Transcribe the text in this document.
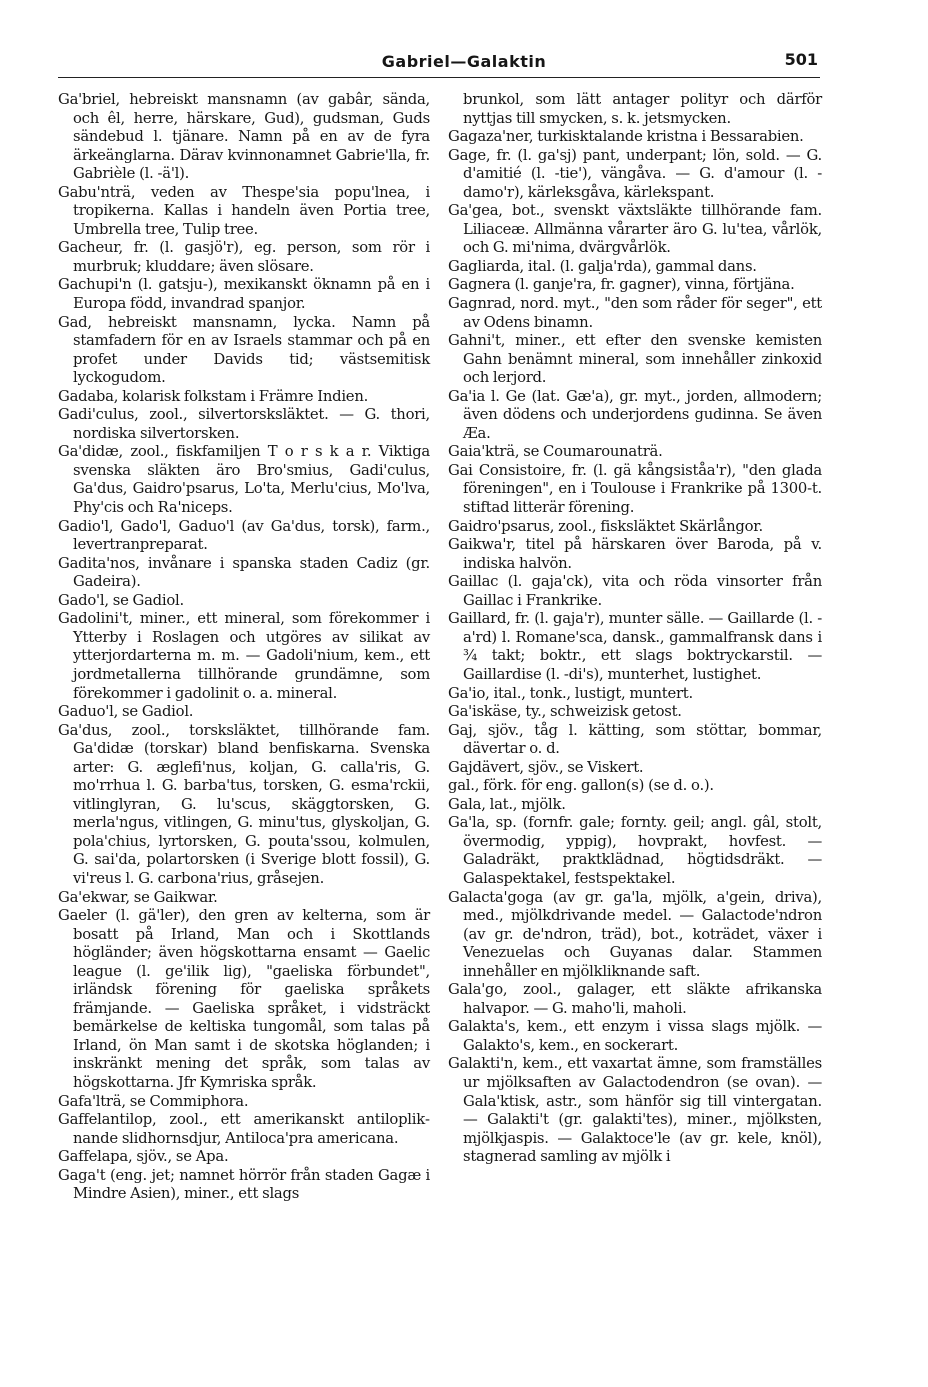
Gabriel—Galaktin	501
Ga'briel, hebreiskt mansnamn (av gabâr, sända, och êl, herre, härskare, Gud), gudsman, Guds sändebud l. tjänare. Namn på en av de fyra ärkeänglarna. Därav kvinnonamnet Gabrie'lla, fr. Gabrièle (l. -ä'l).
Gabu'nträ, veden av Thespe'sia popu'lnea, i tropikerna. Kallas i handeln även Portia tree, Umbrella tree, Tulip tree.
Gacheur, fr. (l. gasjö'r), eg. person, som rör i murbruk; kluddare; även slösare.
Gachupi'n (l. gatsju-), mexikanskt öknamn på en i Europa född, invandrad spanjor.
Gad, hebreiskt mansnamn, lycka. Namn på stamfadern för en av Israels stammar och på en profet under Davids tid; västsemitisk lyckogudom.
Gadaba, kolarisk folkstam i Främre Indien.
Gadi'culus, zool., silvertorsksläktet. — G. thori, nordiska silvertorsken.
Ga'didæ, zool., fiskfamiljen T o r s k a r. Viktiga svenska släkten äro Bro'smius, Gadi'culus, Ga'dus, Gaidro'psarus, Lo'ta, Merlu'cius, Mo'lva, Phy'cis och Ra'niceps.
Gadio'l, Gado'l, Gaduo'l (av Ga'dus, torsk), farm., levertranpreparat.
Gadita'nos, invånare i spanska staden Cadiz (gr. Gadeira).
Gado'l, se Gadiol.
Gadolini't, miner., ett mineral, som förekommer i Ytterby i Roslagen och utgöres av silikat av ytterjordarterna m. m. — Gadoli'nium, kem., ett jordmetallerna tillhörande grundämne, som förekommer i gadolinit o. a. mineral.
Gaduo'l, se Gadiol.
Ga'dus, zool., torsksläktet, tillhörande fam. Ga'didæ (torskar) bland benfiskarna. Svenska arter: G. æglefi'nus, koljan, G. calla'ris, G. mo'rrhua l. G. barba'tus, torsken, G. esma'rckii, vitlinglyran, G. lu'scus, skäggtorsken, G. merla'ngus, vitlingen, G. minu'tus, glyskoljan, G. pola'chius, lyrtorsken, G. pouta'ssou, kolmulen, G. sai'da, polartorsken (i Sverige blott fossil), G. vi'reus l. G. carbona'rius, gråsejen.
Ga'ekwar, se Gaikwar.
Gaeler (l. gä'ler), den gren av kelterna, som är bosatt på Irland, Man och i Skottlands högländer; även högskottarna ensamt — Gaelic league (l. ge'ilik lig), "gaeliska förbundet", irländsk förening för gaeliska språkets främjande. — Gaeliska språket, i vidsträckt bemärkelse de keltiska tungomål, som talas på Irland, ön Man samt i de skotska höglanden; i inskränkt mening det språk, som talas av högskottarna. Jfr Kymriska språk.
Gafa'lträ, se Commiphora.
Gaffelantilop, zool., ett amerikanskt antilopliknande slidhornsdjur, Antiloca'pra americana.
Gaffelapa, sjöv., se Apa.
Gaga't (eng. jet; namnet hörrör från staden Gagæ i Mindre Asien), miner., ett slags
brunkol, som lätt antager polityr och därför nyttjas till smycken, s. k. jetsmycken.
Gagaza'ner, turkisktalande kristna i Bessarabien.
Gage, fr. (l. ga'sj) pant, underpant; lön, sold. — G. d'amitié (l. -tie'), vängåva. — G. d'amour (l. - damo'r), kärleksgåva, kärlekspant.
Ga'gea, bot., svenskt växtsläkte tillhörande fam. Liliaceæ. Allmänna vårarter äro G. lu'tea, vårlök, och G. mi'nima, dvärgvårlök.
Gagliarda, ital. (l. galja'rda), gammal dans.
Gagnera (l. ganje'ra, fr. gagner), vinna, förtjäna.
Gagnrad, nord. myt., "den som råder för seger", ett av Odens binamn.
Gahni't, miner., ett efter den svenske kemisten Gahn benämnt mineral, som innehåller zinkoxid och lerjord.
Ga'ia l. Ge (lat. Gæ'a), gr. myt., jorden, allmodern; även dödens och underjordens gudinna. Se även Æa.
Gaia'kträ, se Coumarounaträ.
Gai Consistoire, fr. (l. gä kångsiståa'r), "den glada föreningen", en i Toulouse i Frankrike på 1300-t. stiftad litterär förening.
Gaidro'psarus, zool., fisksläktet Skärlångor.
Gaikwa'r, titel på härskaren över Baroda, på v. indiska halvön.
Gaillac (l. gaja'ck), vita och röda vinsorter från Gaillac i Frankrike.
Gaillard, fr. (l. gaja'r), munter sälle. — Gaillarde (l. -a'rd) l. Romane'sca, dansk., gammalfransk dans i ¾ takt; boktr., ett slags boktryckarstil. — Gaillardise (l. -di's), munterhet, lustighet.
Ga'io, ital., tonk., lustigt, muntert.
Ga'iskäse, ty., schweizisk getost.
Gaj, sjöv., tåg l. kätting, som stöttar, bommar, dävertar o. d.
Gajdävert, sjöv., se Viskert.
gal., förk. för eng. gallon(s) (se d. o.).
Gala, lat., mjölk.
Ga'la, sp. (fornfr. gale; fornty. geil; angl. gâl, stolt, övermodig, yppig), hovprakt, hovfest. — Galadräkt, praktklädnad, högtidsdräkt. — Galaspektakel, festspektakel.
Galacta'goga (av gr. ga'la, mjölk, a'gein, driva), med., mjölkdrivande medel. — Galactode'ndron (av gr. de'ndron, träd), bot., koträdet, växer i Venezuelas och Guyanas dalar. Stammen innehåller en mjölkliknande saft.
Gala'go, zool., galager, ett släkte afrikanska halvapor. — G. maho'li, maholi.
Galakta's, kem., ett enzym i vissa slags mjölk. — Galakto's, kem., en sockerart.
Galakti'n, kem., ett vaxartat ämne, som framställes ur mjölksaften av Galactodendron (se ovan). — Gala'ktisk, astr., som hänför sig till vintergatan. — Galakti't (gr. galakti'tes), miner., mjölksten, mjölkjaspis. — Galaktoce'le (av gr. kele, knöl), stagnerad samling av mjölk i
